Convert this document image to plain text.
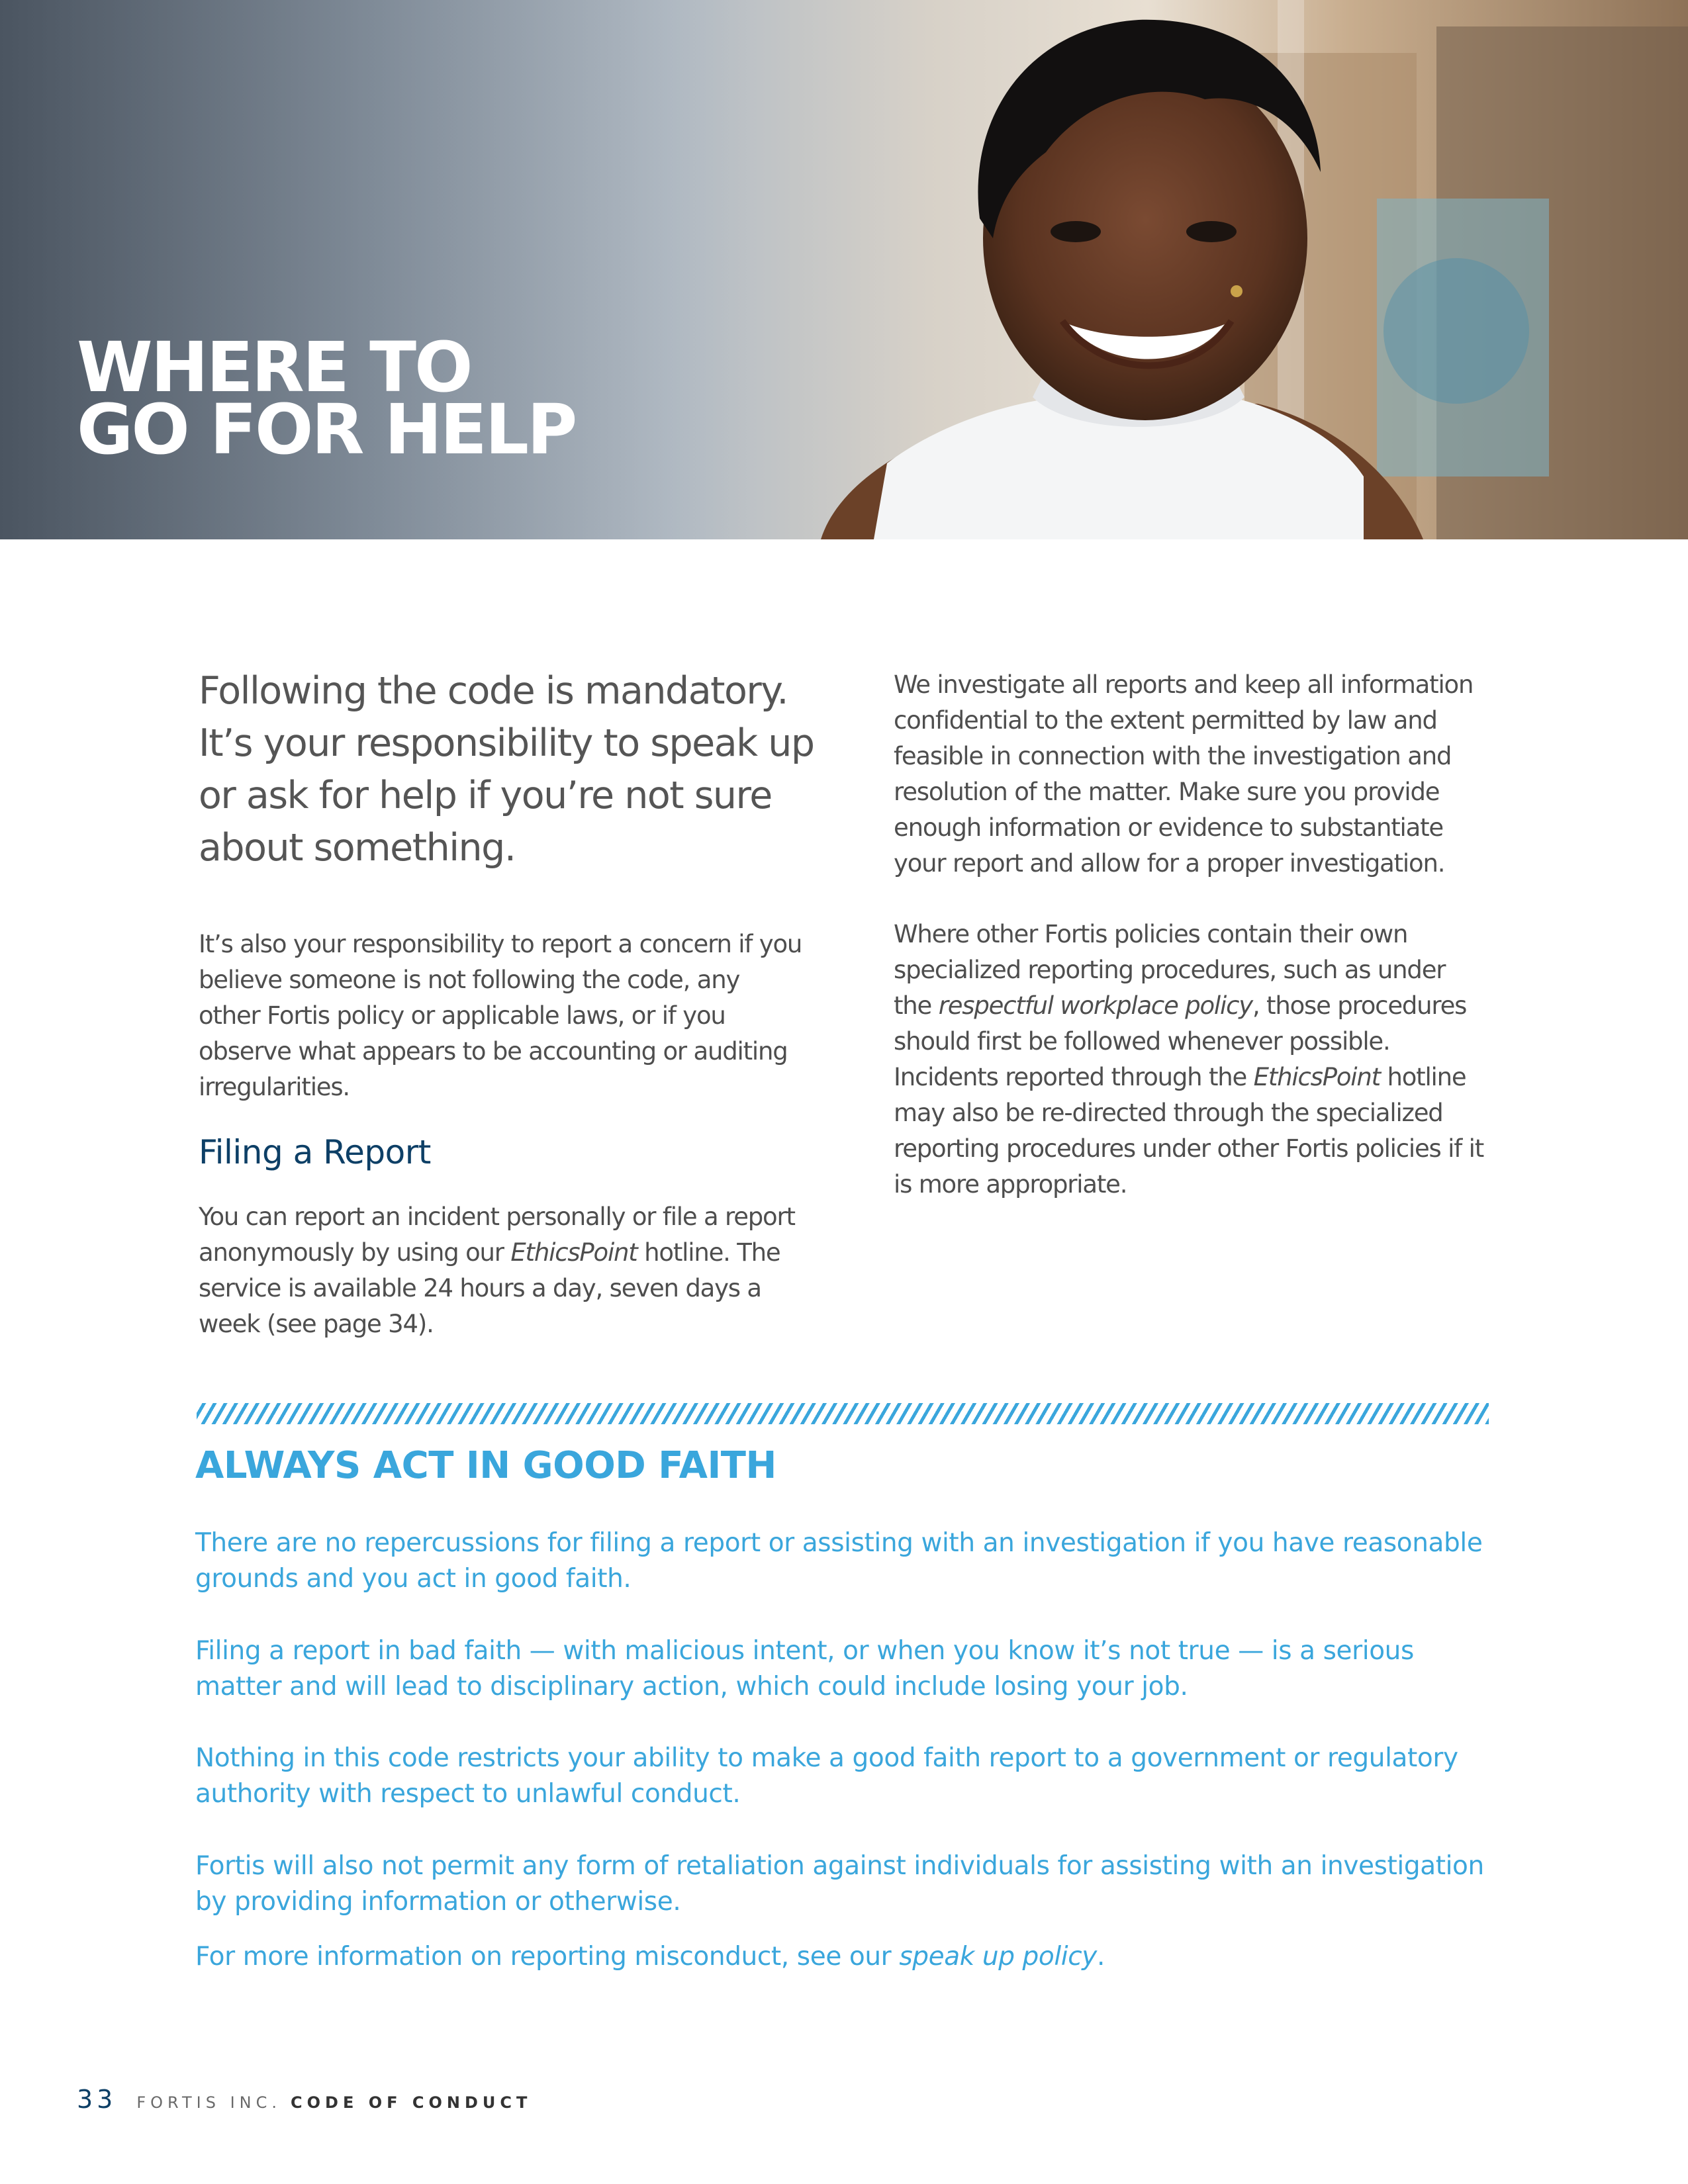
WHERE TO
GO FOR HELP

Following the code is mandatory. It’s your responsibility to speak up or ask for help if you’re not sure about something.

It’s also your responsibility to report a concern if you believe someone is not following the code, any other Fortis policy or applicable laws, or if you observe what appears to be accounting or auditing irregularities.

Filing a Report

You can report an incident personally or file a report anonymously by using our EthicsPoint hotline. The service is available 24 hours a day, seven days a week (see page 34).

We investigate all reports and keep all information confidential to the extent permitted by law and feasible in connection with the investigation and resolution of the matter. Make sure you provide enough information or evidence to substantiate your report and allow for a proper investigation.

Where other Fortis policies contain their own specialized reporting procedures, such as under the respectful workplace policy, those procedures should first be followed whenever possible. Incidents reported through the EthicsPoint hotline may also be re-directed through the specialized reporting procedures under other Fortis policies if it is more appropriate.

ALWAYS ACT IN GOOD FAITH

There are no repercussions for filing a report or assisting with an investigation if you have reasonable grounds and you act in good faith.

Filing a report in bad faith — with malicious intent, or when you know it’s not true — is a serious matter and will lead to disciplinary action, which could include losing your job.

Nothing in this code restricts your ability to make a good faith report to a government or regulatory authority with respect to unlawful conduct.

Fortis will also not permit any form of retaliation against individuals for assisting with an investigation by providing information or otherwise.

For more information on reporting misconduct, see our speak up policy.

33 FORTIS INC. CODE OF CONDUCT
